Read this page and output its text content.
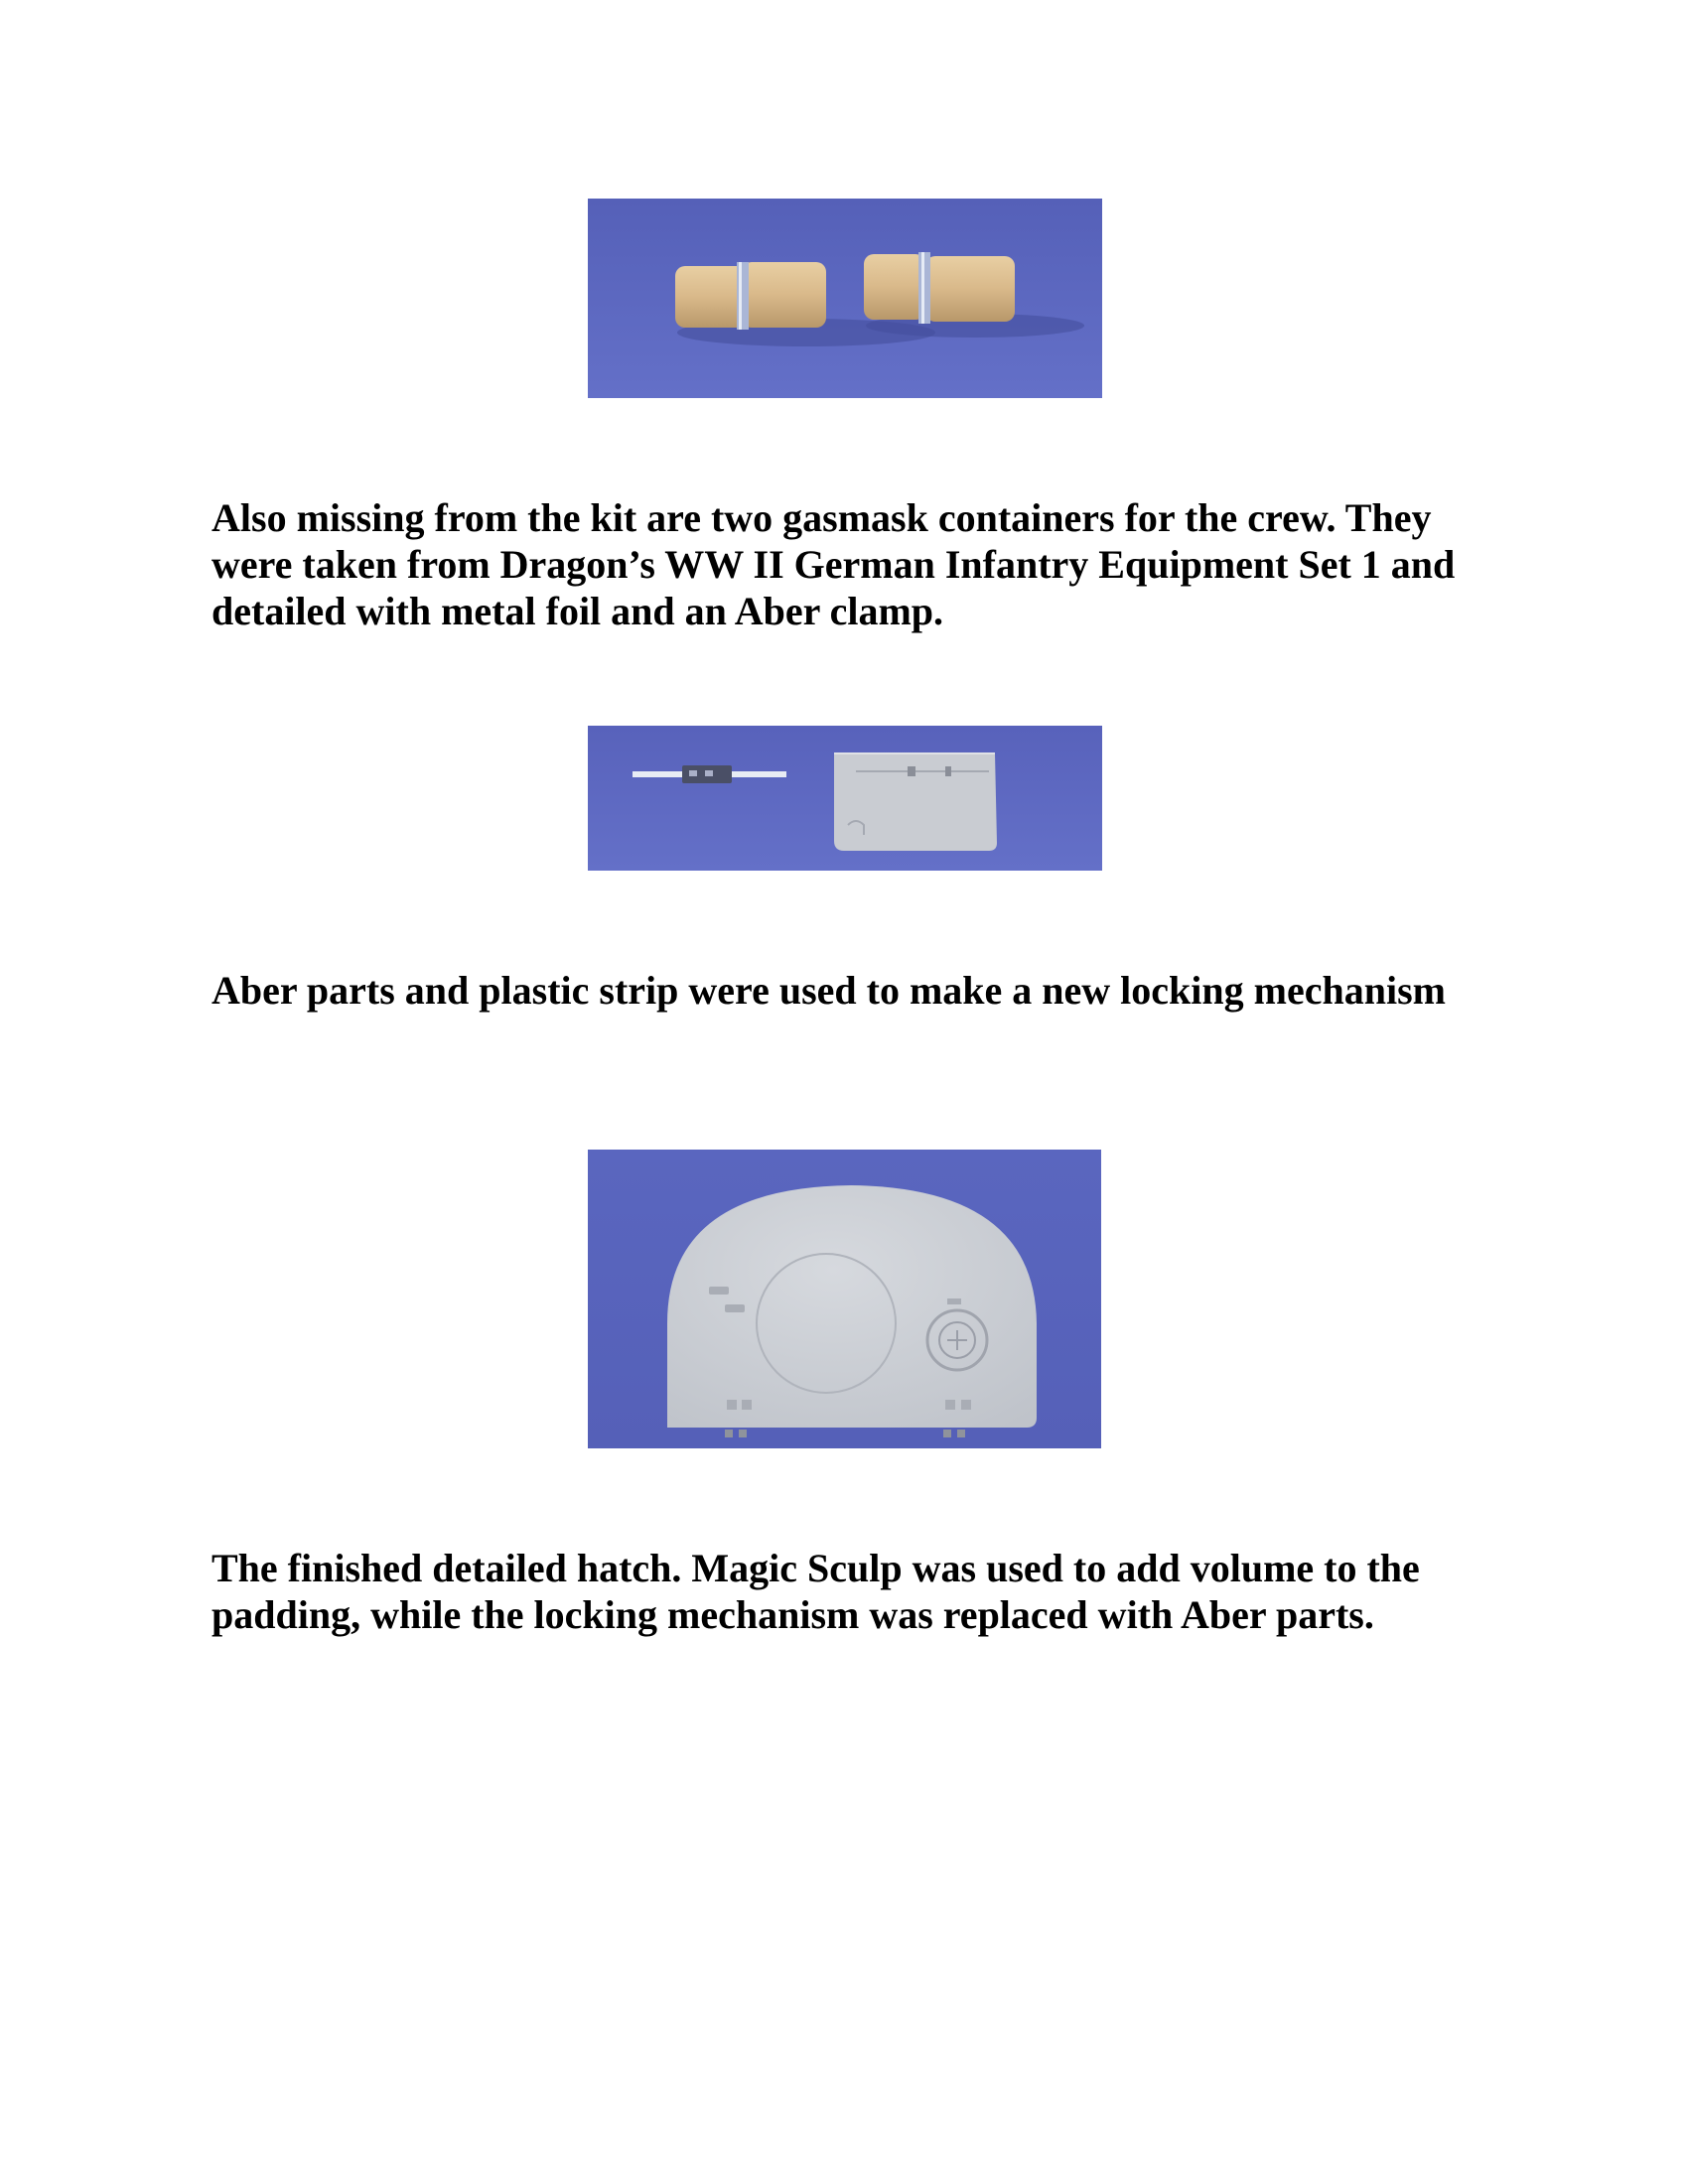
Also missing from the kit are two gasmask containers for the crew. They were taken from Dragon’s WW II German Infantry Equipment Set 1 and detailed with metal foil and an Aber clamp.

Aber parts and plastic strip were used to make a new locking mechanism

The finished detailed hatch. Magic Sculp was used to add volume to the padding, while the locking mechanism was replaced with Aber parts.
